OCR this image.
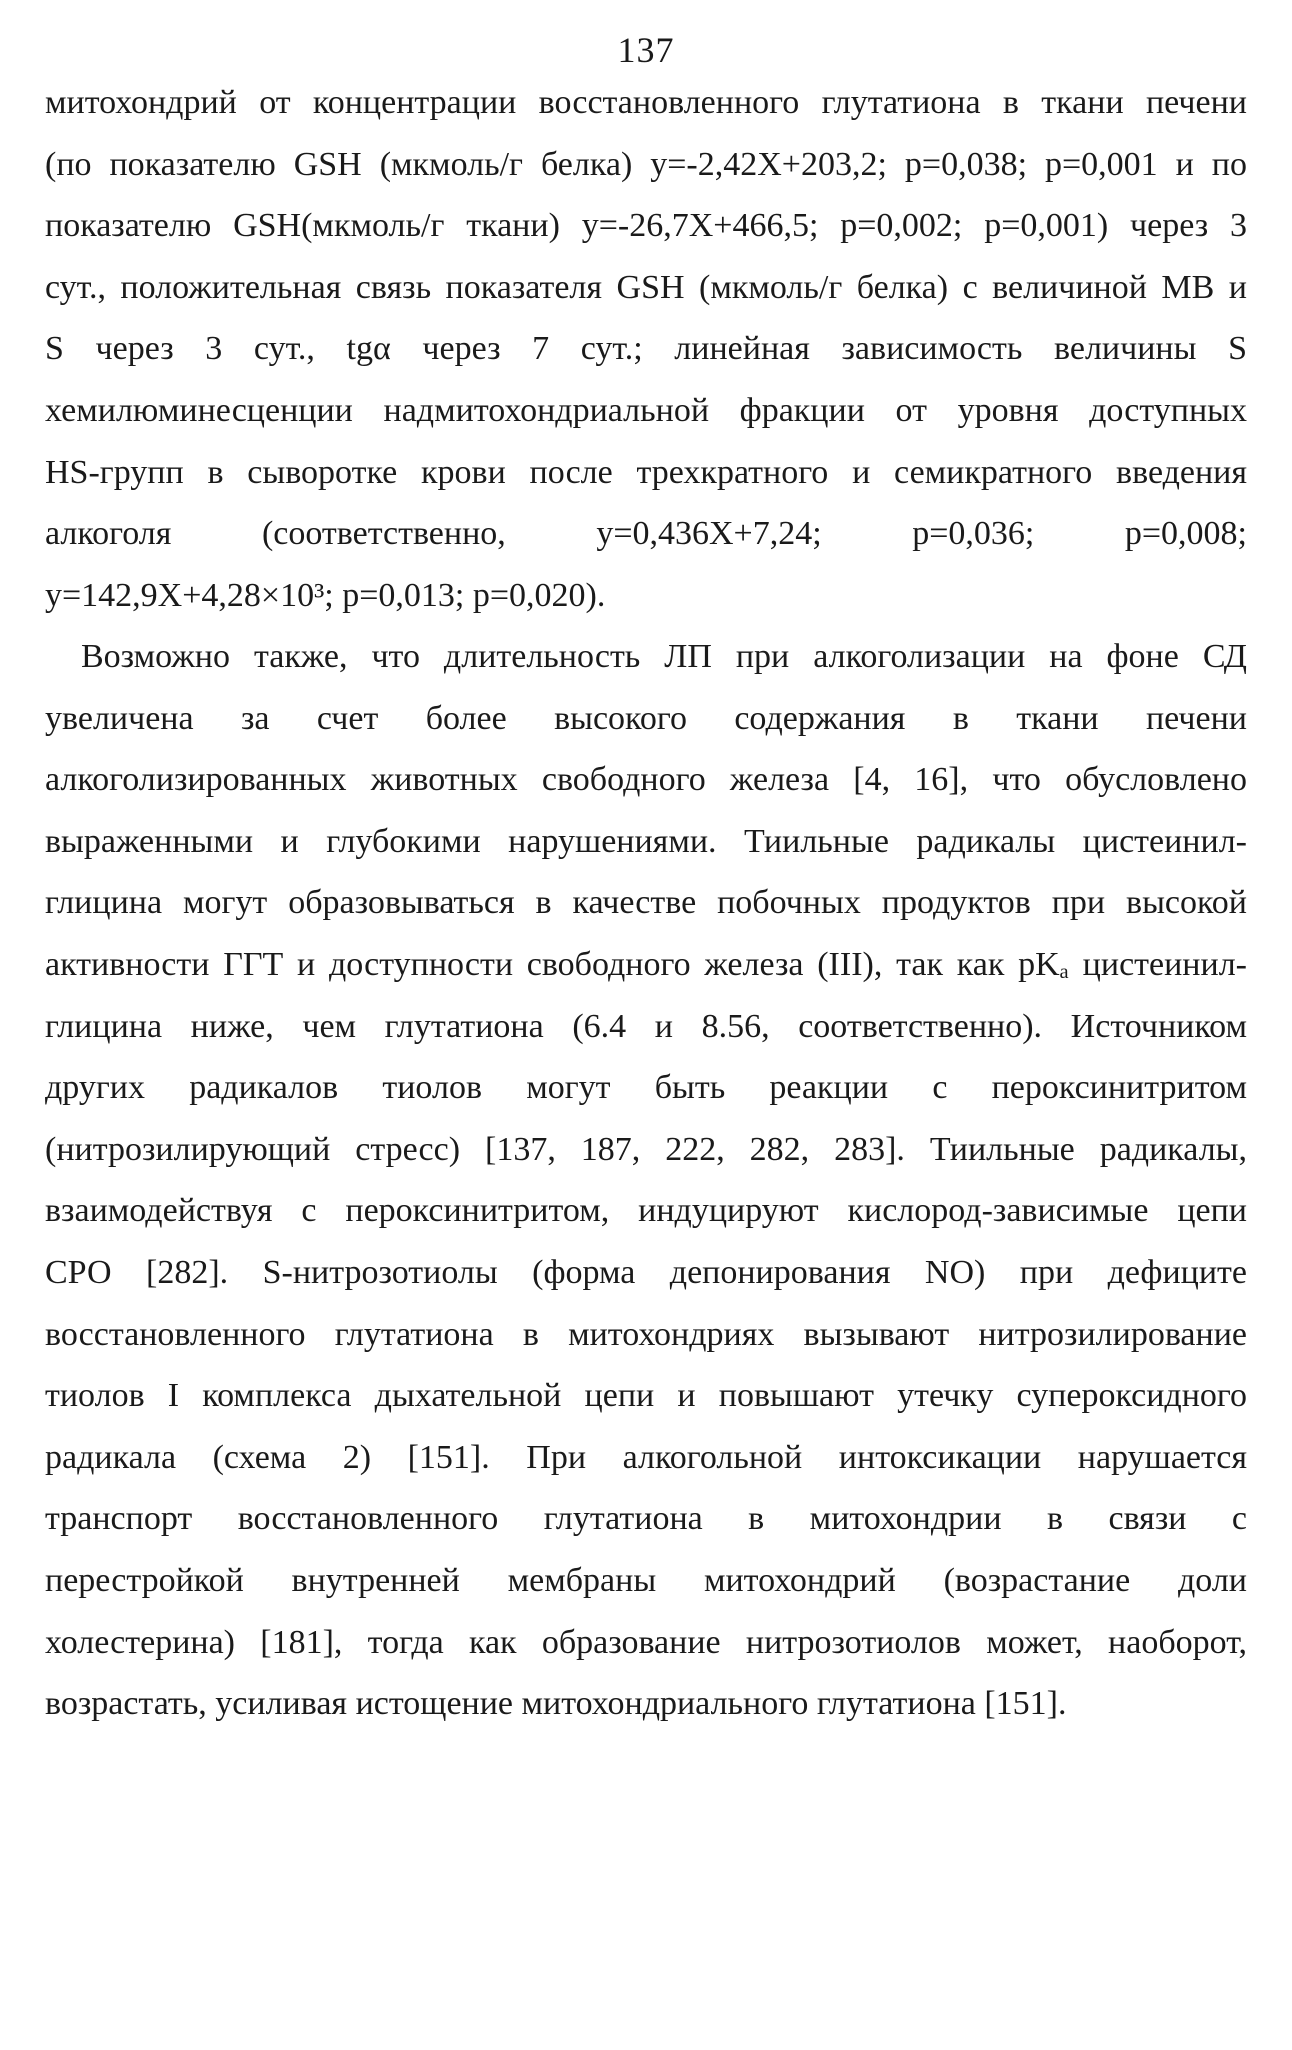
137
митохондрий от концентрации восстановленного глутатиона в ткани печени
(по показателю GSH (мкмоль/г белка) y=-2,42X+203,2; p=0,038; p=0,001 и по
показателю GSH(мкмоль/г ткани) y=-26,7X+466,5; p=0,002; p=0,001) через 3
сут., положительная связь показателя GSH (мкмоль/г белка) с величиной MB и
S через 3 сут., tgα через 7 сут.; линейная зависимость величины S
хемилюминесценции надмитохондриальной фракции от уровня доступных
HS-групп в сыворотке крови после трехкратного и семикратного введения
алкоголя (соответственно, y=0,436X+7,24; p=0,036; p=0,008;
y=142,9X+4,28×10³; p=0,013; p=0,020).
Возможно также, что длительность ЛП при алкоголизации на фоне СД
увеличена за счет более высокого содержания в ткани печени
алкоголизированных животных свободного железа [4, 16], что обусловлено
выраженными и глубокими нарушениями. Тиильные радикалы цистеинил-
глицина могут образовываться в качестве побочных продуктов при высокой
активности ГГТ и доступности свободного железа (III), так как pKₐ цистеинил-
глицина ниже, чем глутатиона (6.4 и 8.56, соответственно). Источником
других радикалов тиолов могут быть реакции с пероксинитритом
(нитрозилирующий стресс) [137, 187, 222, 282, 283]. Тиильные радикалы,
взаимодействуя с пероксинитритом, индуцируют кислород-зависимые цепи
СРО [282]. S-нитрозотиолы (форма депонирования NO) при дефиците
восстановленного глутатиона в митохондриях вызывают нитрозилирование
тиолов I комплекса дыхательной цепи и повышают утечку супероксидного
радикала (схема 2) [151]. При алкогольной интоксикации нарушается
транспорт восстановленного глутатиона в митохондрии в связи с
перестройкой внутренней мембраны митохондрий (возрастание доли
холестерина) [181], тогда как образование нитрозотиолов может, наоборот,
возрастать, усиливая истощение митохондриального глутатиона [151].
